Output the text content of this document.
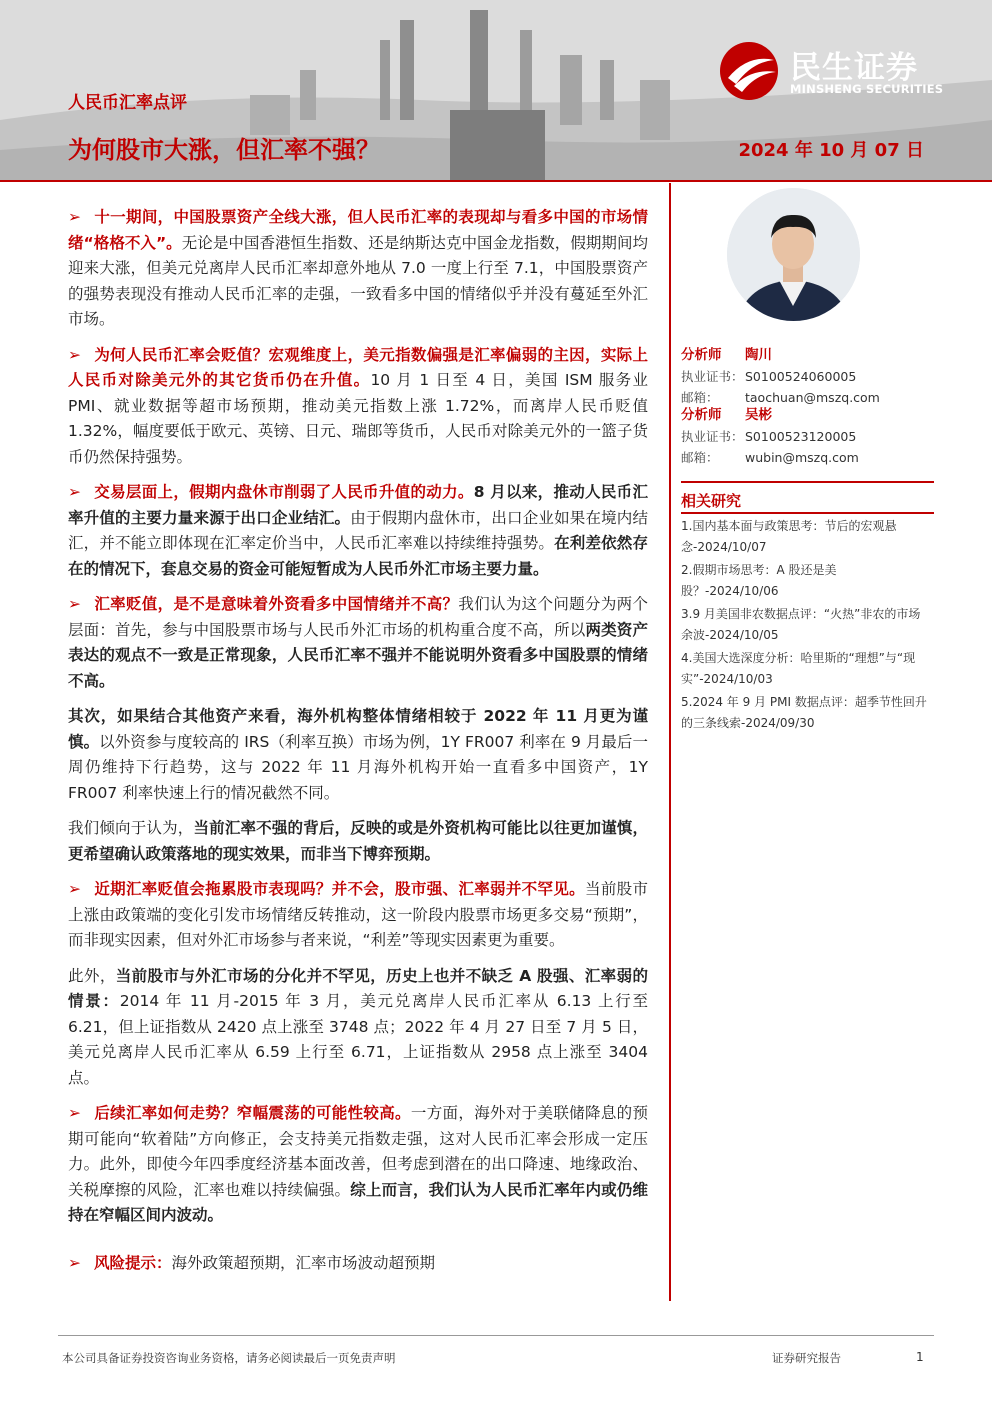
人民币汇率点评
为何股市大涨，但汇率不强？	2024 年 10 月 07 日
民生证券
MINSHENG SECURITIES

➢ 十一期间，中国股票资产全线大涨，但人民币汇率的表现却与看多中国的市场情绪“格格不入”。无论是中国香港恒生指数、还是纳斯达克中国金龙指数，假期期间均迎来大涨，但美元兑离岸人民币汇率却意外地从 7.0 一度上行至 7.1，中国股票资产的强势表现没有推动人民币汇率的走强，一致看多中国的情绪似乎并没有蔓延至外汇市场。

➢ 为何人民币汇率会贬值？宏观维度上，美元指数偏强是汇率偏弱的主因，实际上人民币对除美元外的其它货币仍在升值。10 月 1 日至 4 日，美国 ISM 服务业 PMI、就业数据等超市场预期，推动美元指数上涨 1.72%，而离岸人民币贬值 1.32%，幅度要低于欧元、英镑、日元、瑞郎等货币，人民币对除美元外的一篮子货币仍然保持强势。

➢ 交易层面上，假期内盘休市削弱了人民币升值的动力。8 月以来，推动人民币汇率升值的主要力量来源于出口企业结汇。由于假期内盘休市，出口企业如果在境内结汇，并不能立即体现在汇率定价当中，人民币汇率难以持续维持强势。在利差依然存在的情况下，套息交易的资金可能短暂成为人民币外汇市场主要力量。

➢ 汇率贬值，是不是意味着外资看多中国情绪并不高？我们认为这个问题分为两个层面：首先，参与中国股票市场与人民币外汇市场的机构重合度不高，所以两类资产表达的观点不一致是正常现象，人民币汇率不强并不能说明外资看多中国股票的情绪不高。

其次，如果结合其他资产来看，海外机构整体情绪相较于 2022 年 11 月更为谨慎。以外资参与度较高的 IRS（利率互换）市场为例，1Y FR007 利率在 9 月最后一周仍维持下行趋势，这与 2022 年 11 月海外机构开始一直看多中国资产，1Y FR007 利率快速上行的情况截然不同。

我们倾向于认为，当前汇率不强的背后，反映的或是外资机构可能比以往更加谨慎，更希望确认政策落地的现实效果，而非当下博弈预期。

➢ 近期汇率贬值会拖累股市表现吗？并不会，股市强、汇率弱并不罕见。当前股市上涨由政策端的变化引发市场情绪反转推动，这一阶段内股票市场更多交易“预期”，而非现实因素，但对外汇市场参与者来说，“利差”等现实因素更为重要。

此外，当前股市与外汇市场的分化并不罕见，历史上也并不缺乏 A 股强、汇率弱的情景：2014 年 11 月-2015 年 3 月，美元兑离岸人民币汇率从 6.13 上行至 6.21，但上证指数从 2420 点上涨至 3748 点；2022 年 4 月 27 日至 7 月 5 日，美元兑离岸人民币汇率从 6.59 上行至 6.71，上证指数从 2958 点上涨至 3404 点。

➢ 后续汇率如何走势？窄幅震荡的可能性较高。一方面，海外对于美联储降息的预期可能向“软着陆”方向修正，会支持美元指数走强，这对人民币汇率会形成一定压力。此外，即使今年四季度经济基本面改善，但考虑到潜在的出口降速、地缘政治、关税摩擦的风险，汇率也难以持续偏强。综上而言，我们认为人民币汇率年内或仍维持在窄幅区间内波动。

➢ 风险提示：海外政策超预期，汇率市场波动超预期

分析师 陶川
执业证书：S0100524060005
邮箱： taochuan@mszq.com
分析师 吴彬
执业证书：S0100523120005
邮箱： wubin@mszq.com
相关研究
1.国内基本面与政策思考：节后的宏观悬念-2024/10/07
2.假期市场思考：A 股还是美股？-2024/10/06
3.9 月美国非农数据点评：“火热”非农的市场余波-2024/10/05
4.美国大选深度分析：哈里斯的“理想”与“现实”-2024/10/03
5.2024 年 9 月 PMI 数据点评：超季节性回升的三条线索-2024/09/30
本公司具备证券投资咨询业务资格，请务必阅读最后一页免责声明	证券研究报告	1
